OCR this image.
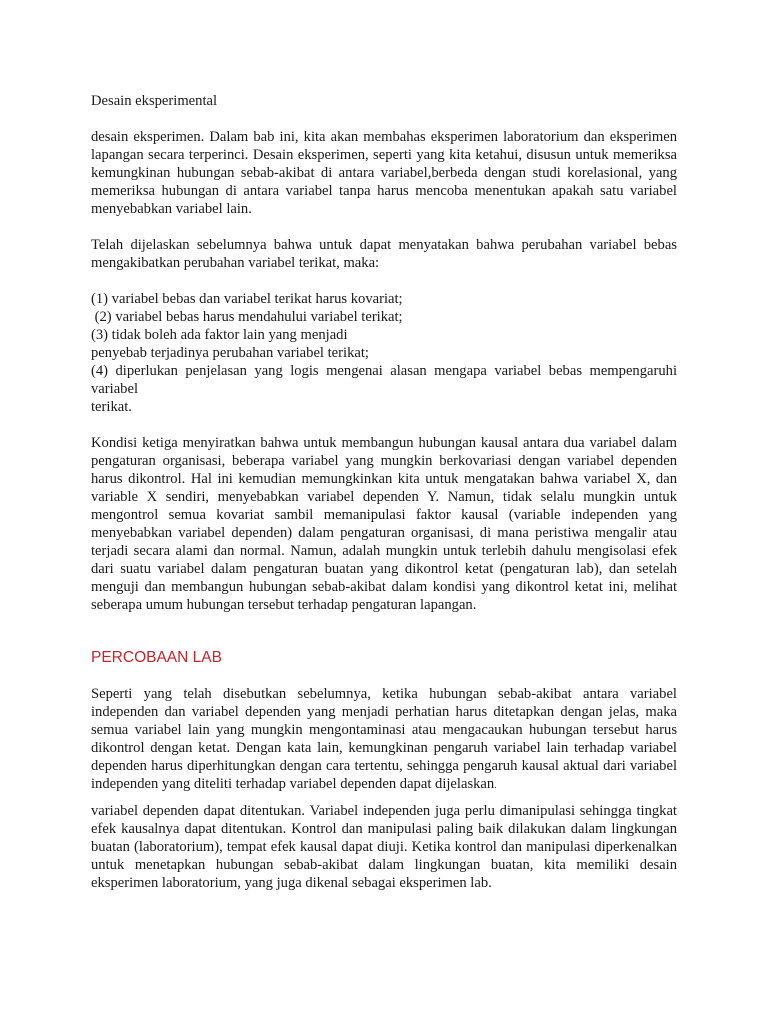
Desain eksperimental

desain eksperimen. Dalam bab ini, kita akan membahas eksperimen laboratorium dan eksperimen lapangan secara terperinci. Desain eksperimen, seperti yang kita ketahui, disusun untuk memeriksa kemungkinan hubungan sebab-akibat di antara variabel,berbeda dengan studi korelasional, yang memeriksa hubungan di antara variabel tanpa harus mencoba menentukan apakah satu variabel menyebabkan variabel lain.

Telah dijelaskan sebelumnya bahwa untuk dapat menyatakan bahwa perubahan variabel bebas mengakibatkan perubahan variabel terikat, maka:

(1) variabel bebas dan variabel terikat harus kovariat;

(2) variabel bebas harus mendahului variabel terikat;

(3) tidak boleh ada faktor lain yang menjadi

penyebab terjadinya perubahan variabel terikat;

(4) diperlukan penjelasan yang logis mengenai alasan mengapa variabel bebas mempengaruhi variabel

terikat.

Kondisi ketiga menyiratkan bahwa untuk membangun hubungan kausal antara dua variabel dalam pengaturan organisasi, beberapa variabel yang mungkin berkovariasi dengan variabel dependen harus dikontrol. Hal ini kemudian memungkinkan kita untuk mengatakan bahwa variabel X, dan variable X sendiri, menyebabkan variabel dependen Y. Namun, tidak selalu mungkin untuk mengontrol semua kovariat sambil memanipulasi faktor kausal (variable independen yang menyebabkan variabel dependen) dalam pengaturan organisasi, di mana peristiwa mengalir atau terjadi secara alami dan normal. Namun, adalah mungkin untuk terlebih dahulu mengisolasi efek dari suatu variabel dalam pengaturan buatan yang dikontrol ketat (pengaturan lab), dan setelah menguji dan membangun hubungan sebab-akibat dalam kondisi yang dikontrol ketat ini, melihat seberapa umum hubungan tersebut terhadap pengaturan lapangan.

PERCOBAAN LAB

Seperti yang telah disebutkan sebelumnya, ketika hubungan sebab-akibat antara variabel independen dan variabel dependen yang menjadi perhatian harus ditetapkan dengan jelas, maka semua variabel lain yang mungkin mengontaminasi atau mengacaukan hubungan tersebut harus dikontrol dengan ketat. Dengan kata lain, kemungkinan pengaruh variabel lain terhadap variabel dependen harus diperhitungkan dengan cara tertentu, sehingga pengaruh kausal aktual dari variabel independen yang diteliti terhadap variabel dependen dapat dijelaskan.

variabel dependen dapat ditentukan. Variabel independen juga perlu dimanipulasi sehingga tingkat efek kausalnya dapat ditentukan. Kontrol dan manipulasi paling baik dilakukan dalam lingkungan buatan (laboratorium), tempat efek kausal dapat diuji. Ketika kontrol dan manipulasi diperkenalkan untuk menetapkan hubungan sebab-akibat dalam lingkungan buatan, kita memiliki desain eksperimen laboratorium, yang juga dikenal sebagai eksperimen lab.
